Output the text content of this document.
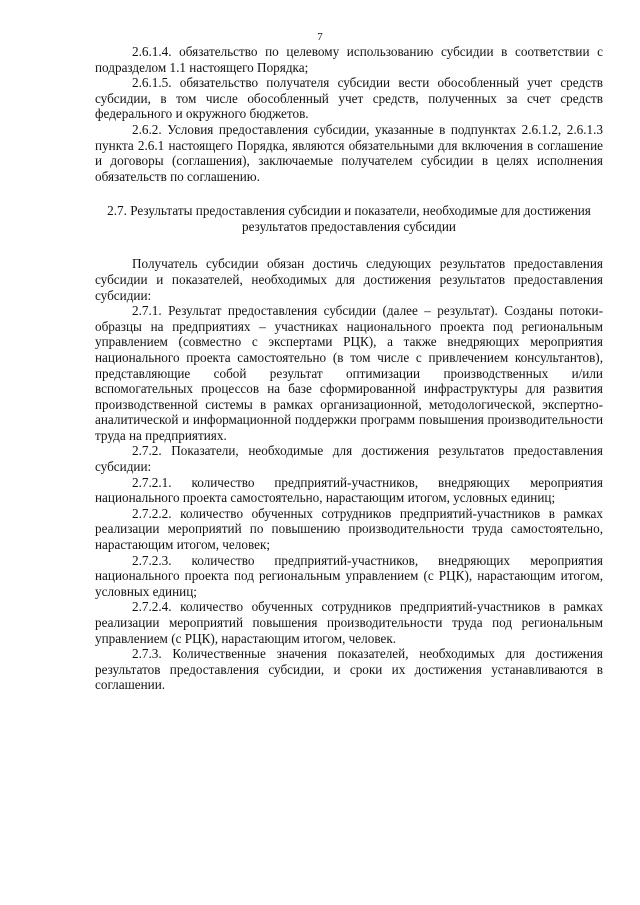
7

2.6.1.4. обязательство по целевому использованию субсидии в соответствии с подразделом 1.1 настоящего Порядка;

2.6.1.5. обязательство получателя субсидии вести обособленный учет средств субсидии, в том числе обособленный учет средств, полученных за счет средств федерального и окружного бюджетов.

2.6.2. Условия предоставления субсидии, указанные в подпунктах 2.6.1.2, 2.6.1.3 пункта 2.6.1 настоящего Порядка, являются обязательными для включения в соглашение и договоры (соглашения), заключаемые получателем субсидии в целях исполнения обязательств по соглашению.

2.7. Результаты предоставления субсидии и показатели, необходимые для достижения результатов предоставления субсидии

Получатель субсидии обязан достичь следующих результатов предоставления субсидии и показателей, необходимых для достижения результатов предоставления субсидии:

2.7.1. Результат предоставления субсидии (далее – результат). Созданы потоки-образцы на предприятиях – участниках национального проекта под региональным управлением (совместно с экспертами РЦК), а также внедряющих мероприятия национального проекта самостоятельно (в том числе с привлечением консультантов), представляющие собой результат оптимизации производственных и/или вспомогательных процессов на базе сформированной инфраструктуры для развития производственной системы в рамках организационной, методологической, экспертно-аналитической и информационной поддержки программ повышения производительности труда на предприятиях.

2.7.2. Показатели, необходимые для достижения результатов предоставления субсидии:

2.7.2.1. количество предприятий-участников, внедряющих мероприятия национального проекта самостоятельно, нарастающим итогом, условных единиц;

2.7.2.2. количество обученных сотрудников предприятий-участников в рамках реализации мероприятий по повышению производительности труда самостоятельно, нарастающим итогом, человек;

2.7.2.3. количество предприятий-участников, внедряющих мероприятия национального проекта под региональным управлением (с РЦК), нарастающим итогом, условных единиц;

2.7.2.4. количество обученных сотрудников предприятий-участников в рамках реализации мероприятий повышения производительности труда под региональным управлением (с РЦК), нарастающим итогом, человек.

2.7.3. Количественные значения показателей, необходимых для достижения результатов предоставления субсидии, и сроки их достижения устанавливаются в соглашении.
